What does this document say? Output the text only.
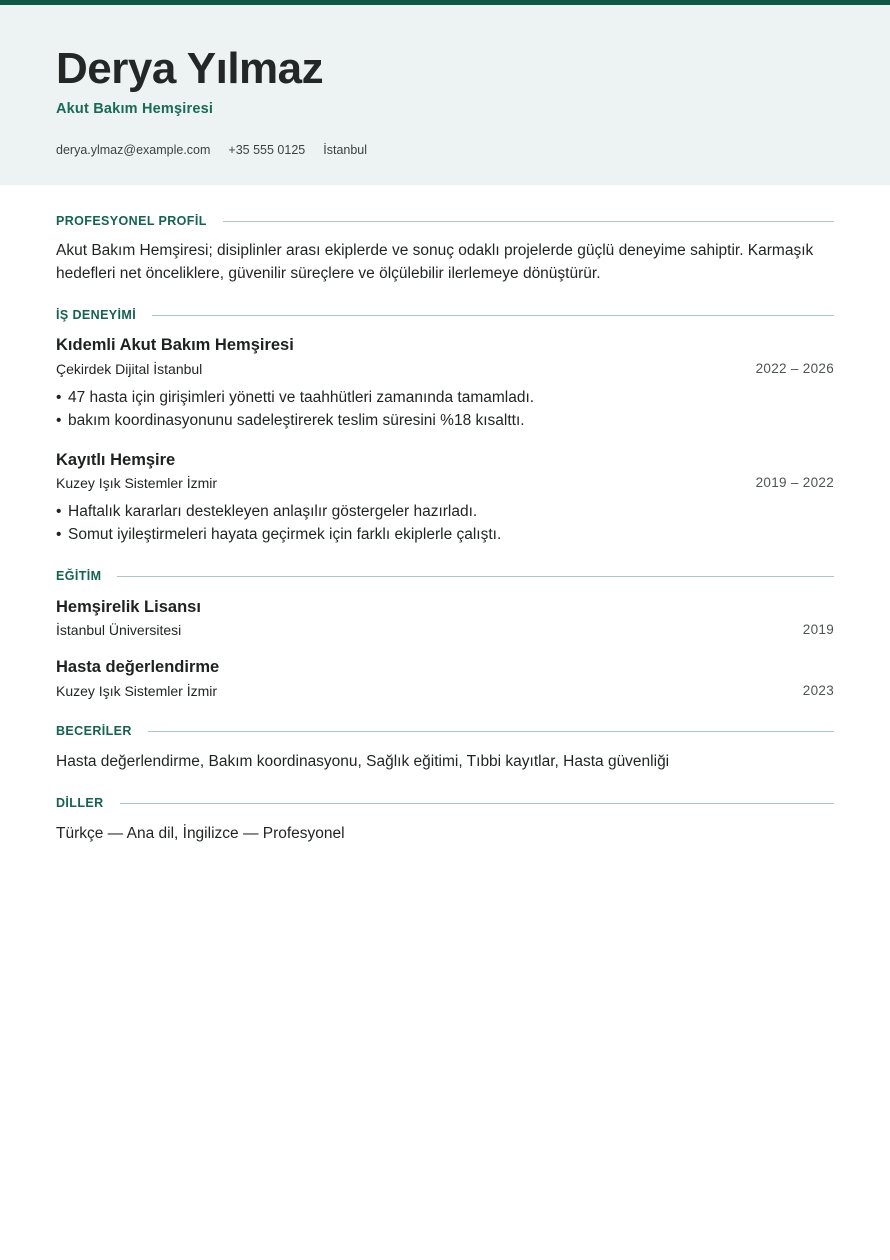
Derya Yılmaz
Akut Bakım Hemşiresi
derya.ylmaz@example.com +35 555 0125 İstanbul
PROFESYONEL PROFİL
Akut Bakım Hemşiresi; disiplinler arası ekiplerde ve sonuç odaklı projelerde güçlü deneyime sahiptir. Karmaşık hedefleri net önceliklere, güvenilir süreçlere ve ölçülebilir ilerlemeye dönüştürür.
İŞ DENEYİMİ
Kıdemli Akut Bakım Hemşiresi
Çekirdek Dijital İstanbul	2022 – 2026
• 47 hasta için girişimleri yönetti ve taahhütleri zamanında tamamladı.
• bakım koordinasyonunu sadeleştirerek teslim süresini %18 kısalttı.
Kayıtlı Hemşire
Kuzey Işık Sistemler İzmir	2019 – 2022
• Haftalık kararları destekleyen anlaşılır göstergeler hazırladı.
• Somut iyileştirmeleri hayata geçirmek için farklı ekiplerle çalıştı.
EĞİTİM
Hemşirelik Lisansı
İstanbul Üniversitesi	2019
Hasta değerlendirme
Kuzey Işık Sistemler İzmir	2023
BECERİLER
Hasta değerlendirme, Bakım koordinasyonu, Sağlık eğitimi, Tıbbi kayıtlar, Hasta güvenliği
DİLLER
Türkçe — Ana dil, İngilizce — Profesyonel
